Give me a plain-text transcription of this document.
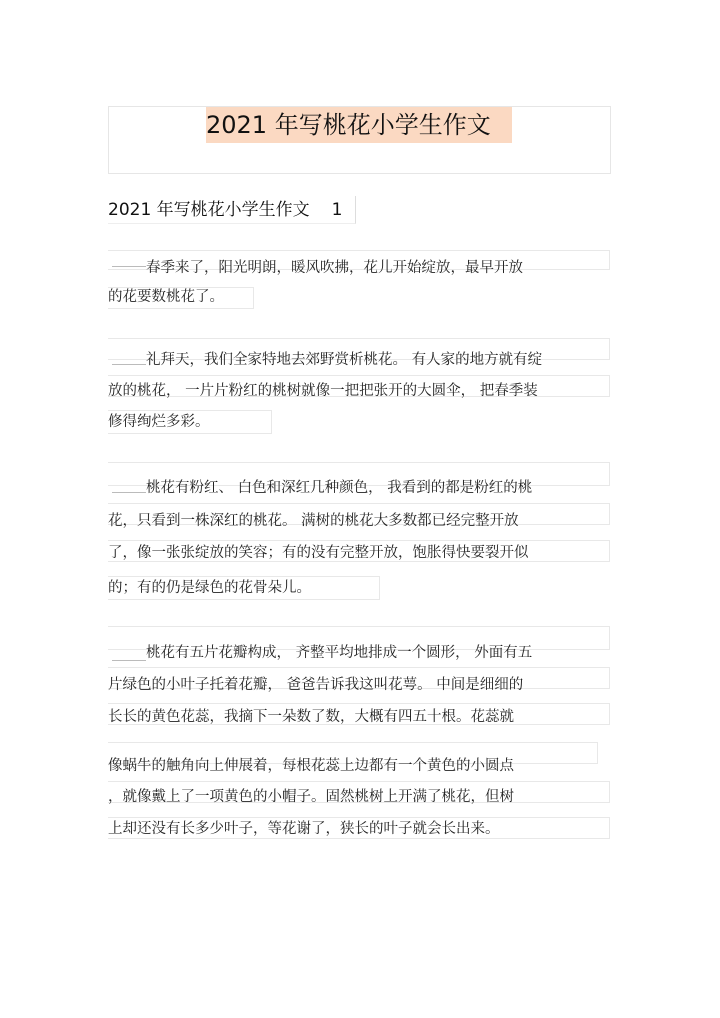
2021 年写桃花小学生作文
2021 年写桃花小学生作文 1
春季来了，阳光明朗，暖风吹拂，花儿开始绽放，最早开放
的花要数桃花了。
礼拜天，我们全家特地去郊野赏析桃花。 有人家的地方就有绽
放的桃花， 一片片粉红的桃树就像一把把张开的大圆伞， 把春季装
修得绚烂多彩。
桃花有粉红、 白色和深红几种颜色， 我看到的都是粉红的桃
花，只看到一株深红的桃花。 满树的桃花大多数都已经完整开放
了，像一张张绽放的笑容；有的没有完整开放，饱胀得快要裂开似
的；有的仍是绿色的花骨朵儿。
桃花有五片花瓣构成， 齐整平均地排成一个圆形， 外面有五
片绿色的小叶子托着花瓣， 爸爸告诉我这叫花萼。 中间是细细的
长长的黄色花蕊，我摘下一朵数了数，大概有四五十根。花蕊就
像蜗牛的触角向上伸展着，每根花蕊上边都有一个黄色的小圆点
，就像戴上了一项黄色的小帽子。固然桃树上开满了桃花，但树
上却还没有长多少叶子，等花谢了，狭长的叶子就会长出来。
